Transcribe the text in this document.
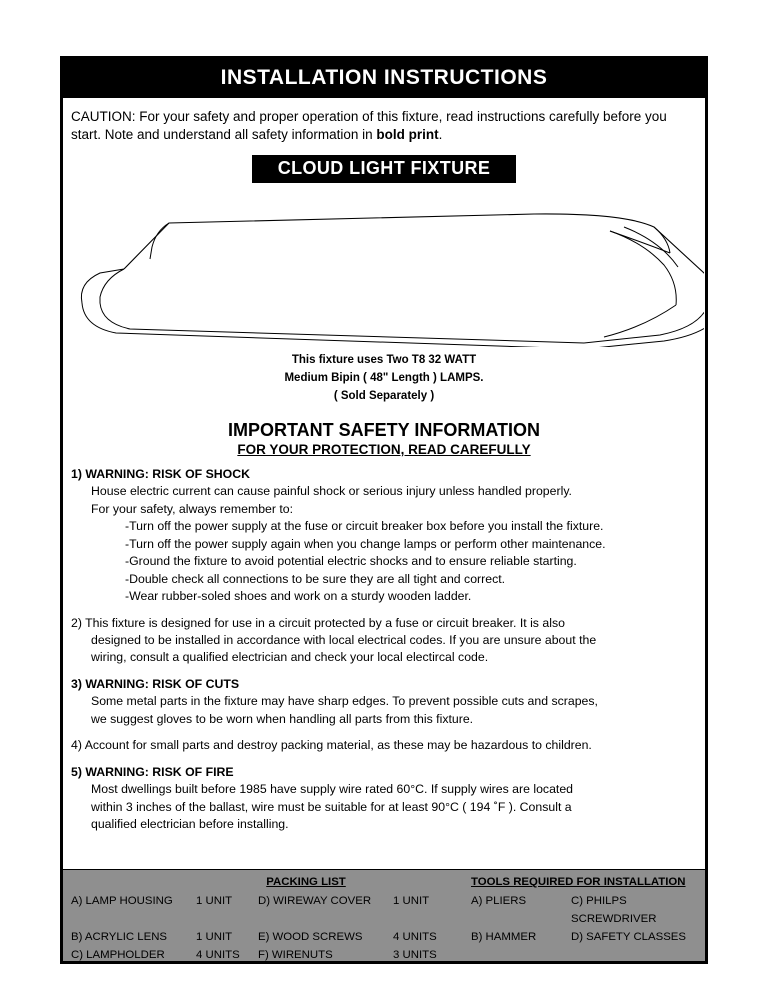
INSTALLATION INSTRUCTIONS
CAUTION: For your safety and proper operation of this fixture, read instructions carefully before you start. Note and understand all safety information in bold print.
CLOUD LIGHT FIXTURE
This fixture uses Two T8 32 WATT
Medium Bipin ( 48" Length ) LAMPS.
( Sold Separately )
IMPORTANT SAFETY INFORMATION
FOR YOUR PROTECTION, READ CAREFULLY
1) WARNING: RISK OF SHOCK
House electric current can cause painful shock or serious injury unless handled properly.
For your safety, always remember to:
-Turn off the power supply at the fuse or circuit breaker box before you install the fixture.
-Turn off the power supply again when you change lamps or perform other maintenance.
-Ground the fixture to avoid potential electric shocks and to ensure reliable starting.
-Double check all connections to be sure they are all tight and correct.
-Wear rubber-soled shoes and work on a sturdy wooden ladder.
2) This fixture is designed for use in a circuit protected by a fuse or circuit breaker. It is also
designed to be installed in accordance with local electrical codes. If you are unsure about the
wiring, consult a qualified electrician and check your local electircal code.
3) WARNING: RISK OF CUTS
Some metal parts in the fixture may have sharp edges. To prevent possible cuts and scrapes,
we suggest gloves to be worn when handling all parts from this fixture.
4) Account for small parts and destroy packing material, as these may be hazardous to children.
5) WARNING: RISK OF FIRE
Most dwellings built before 1985 have supply wire rated 60°C. If supply wires are located
within 3 inches of the ballast, wire must be suitable for at least 90°C ( 194 ˚F ). Consult a
qualified electrician before installing.
PACKING LIST	TOOLS REQUIRED FOR INSTALLATION
A) LAMP HOUSING	1 UNIT	D) WIREWAY COVER	1 UNIT	A) PLIERS	C) PHILPS SCREWDRIVER
B) ACRYLIC LENS	1 UNIT	E) WOOD SCREWS	4 UNITS	B) HAMMER	D) SAFETY CLASSES
C) LAMPHOLDER	4 UNITS	F) WIRENUTS	3 UNITS
